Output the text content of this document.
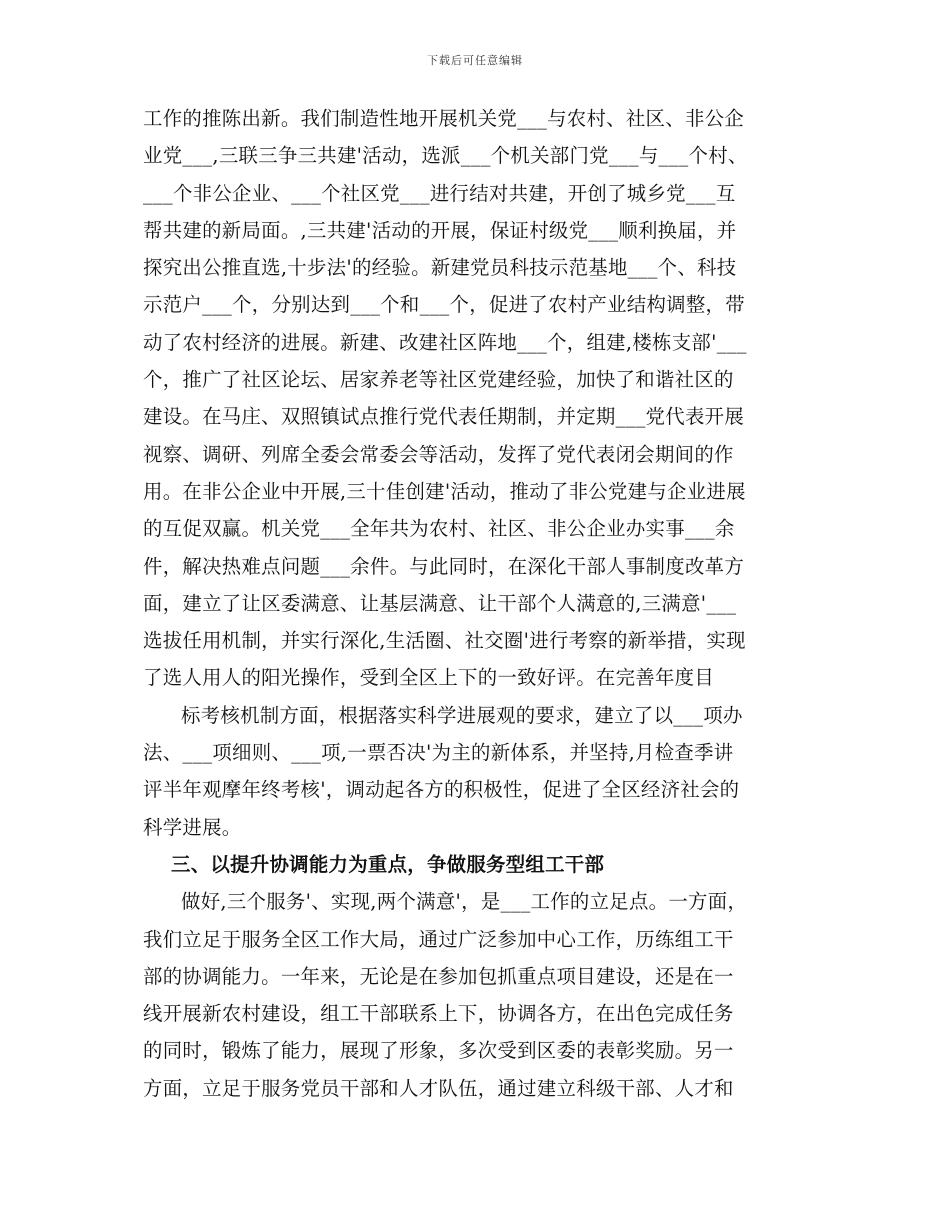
下载后可任意编辑
工作的推陈出新。我们制造性地开展机关党___与农村、社区、非公企
业党___,三联三争三共建'活动，选派___个机关部门党___与___个村、
___个非公企业、___个社区党___进行结对共建，开创了城乡党___互
帮共建的新局面。,三共建'活动的开展，保证村级党___顺利换届，并
探究出公推直选,十步法'的经验。新建党员科技示范基地___个、科技
示范户___个，分别达到___个和___个，促进了农村产业结构调整，带
动了农村经济的进展。新建、改建社区阵地___个，组建,楼栋支部'___
个，推广了社区论坛、居家养老等社区党建经验，加快了和谐社区的
建设。在马庄、双照镇试点推行党代表任期制，并定期___党代表开展
视察、调研、列席全委会常委会等活动，发挥了党代表闭会期间的作
用。在非公企业中开展,三十佳创建'活动，推动了非公党建与企业进展
的互促双赢。机关党___全年共为农村、社区、非公企业办实事___余
件，解决热难点问题___余件。与此同时，在深化干部人事制度改革方
面，建立了让区委满意、让基层满意、让干部个人满意的,三满意'___
选拔任用机制，并实行深化,生活圈、社交圈'进行考察的新举措，实现
了选人用人的阳光操作，受到全区上下的一致好评。在完善年度目
标考核机制方面，根据落实科学进展观的要求，建立了以___项办
法、___项细则、___项,一票否决'为主的新体系，并坚持,月检查季讲
评半年观摩年终考核'，调动起各方的积极性，促进了全区经济社会的
科学进展。
三、以提升协调能力为重点，争做服务型组工干部
做好,三个服务'、实现,两个满意'，是___工作的立足点。一方面，
我们立足于服务全区工作大局，通过广泛参加中心工作，历练组工干
部的协调能力。一年来，无论是在参加包抓重点项目建设，还是在一
线开展新农村建设，组工干部联系上下，协调各方，在出色完成任务
的同时，锻炼了能力，展现了形象，多次受到区委的表彰奖励。另一
方面，立足于服务党员干部和人才队伍，通过建立科级干部、人才和
